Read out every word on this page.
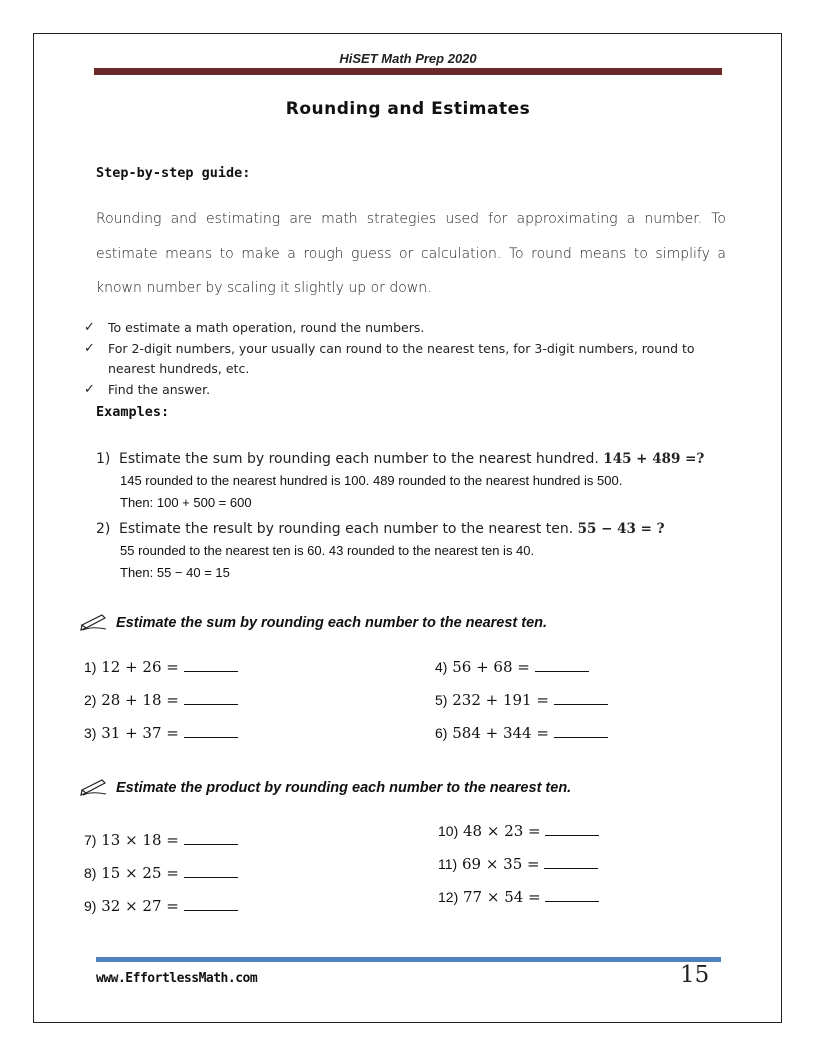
HiSET Math Prep 2020
Rounding and Estimates
Step-by-step guide:
Rounding and estimating are math strategies used for approximating a number. To estimate means to make a rough guess or calculation. To round means to simplify a known number by scaling it slightly up or down.
✓ To estimate a math operation, round the numbers.
✓ For 2-digit numbers, your usually can round to the nearest tens, for 3-digit numbers, round to nearest hundreds, etc.
✓ Find the answer.
Examples:
1) Estimate the sum by rounding each number to the nearest hundred. 145 + 489 =?
145 rounded to the nearest hundred is 100. 489 rounded to the nearest hundred is 500.
Then: 100 + 500 = 600
2) Estimate the result by rounding each number to the nearest ten. 55 − 43 = ?
55 rounded to the nearest ten is 60. 43 rounded to the nearest ten is 40.
Then: 55 − 40 = 15
Estimate the sum by rounding each number to the nearest ten.
1) 12 + 26 =
2) 28 + 18 =
3) 31 + 37 =
4) 56 + 68 =
5) 232 + 191 =
6) 584 + 344 =
Estimate the product by rounding each number to the nearest ten.
7) 13 × 18 =
8) 15 × 25 =
9) 32 × 27 =
10) 48 × 23 =
11) 69 × 35 =
12) 77 × 54 =
www.EffortlessMath.com	15
